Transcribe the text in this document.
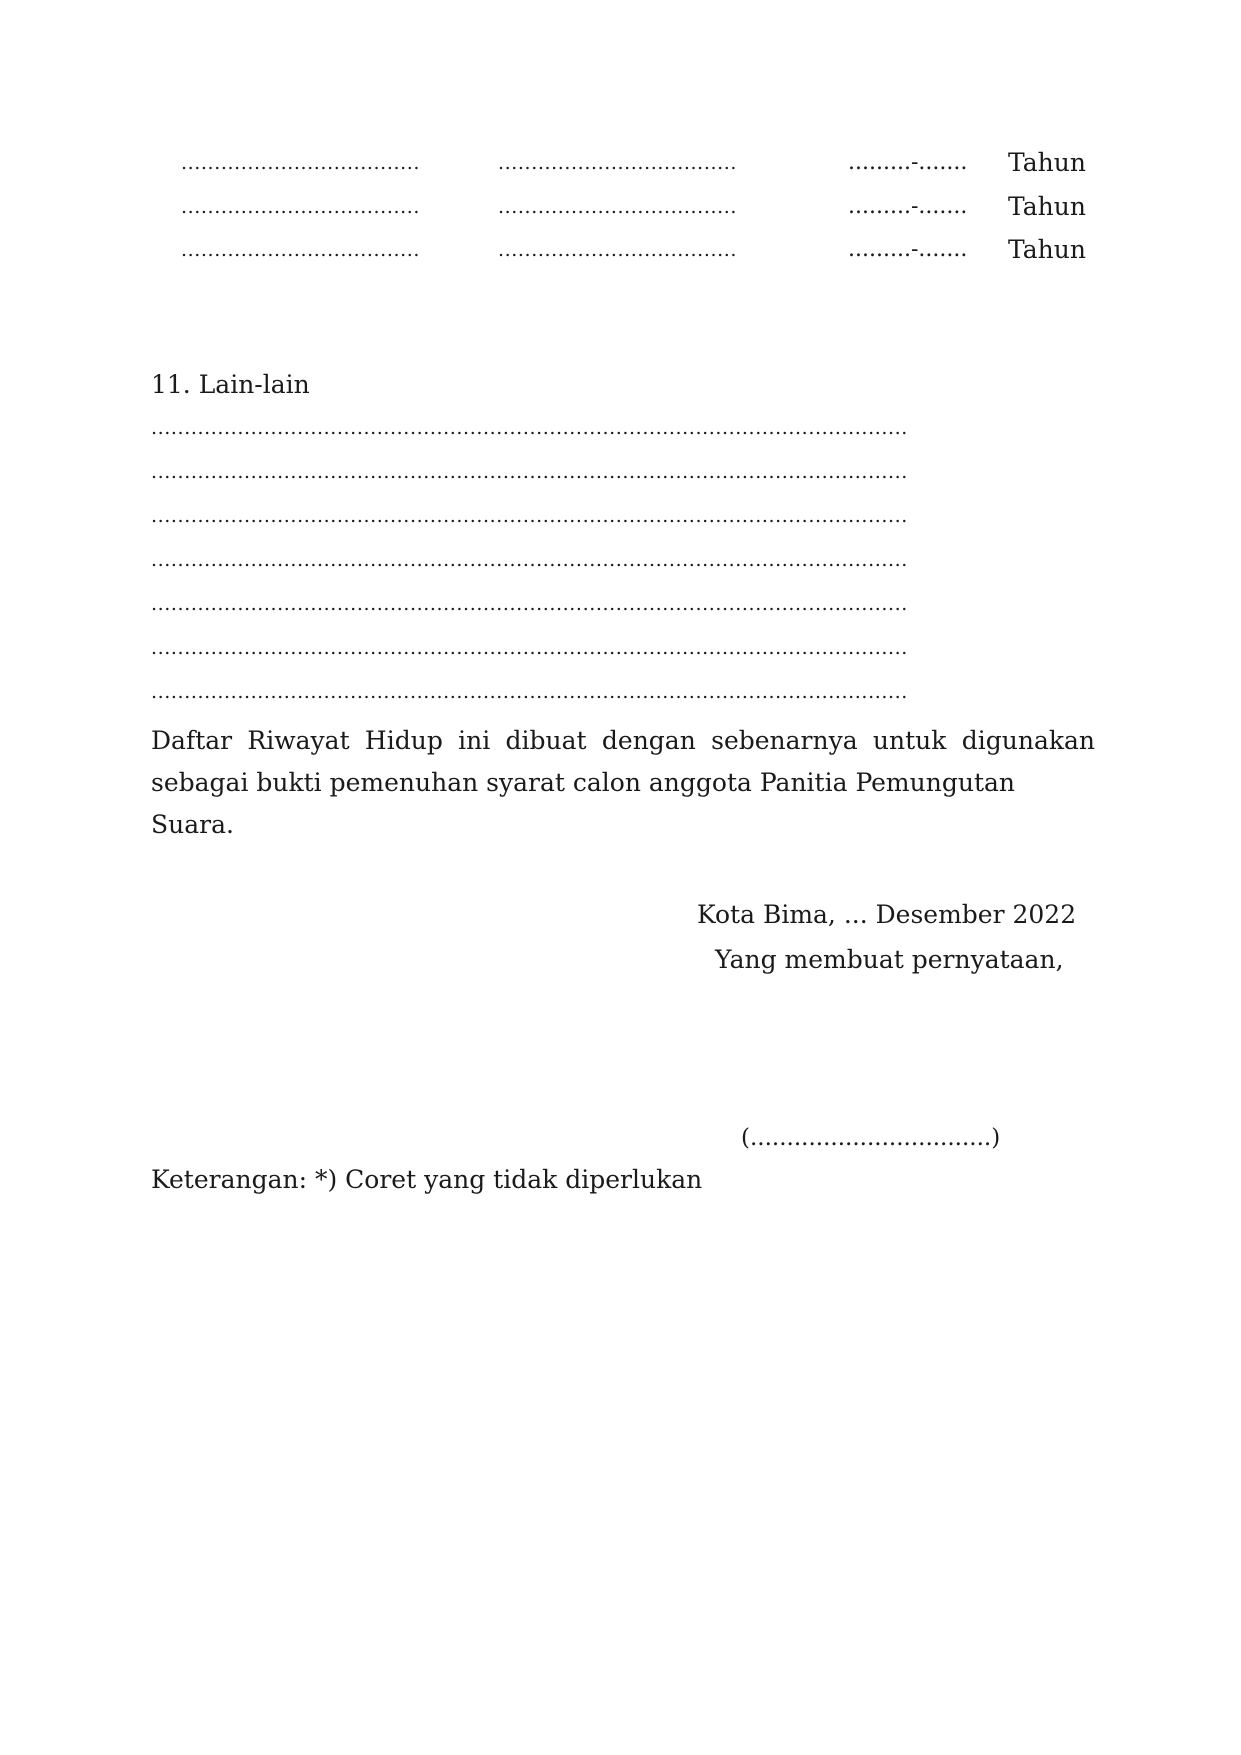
....................................	....................................	.........-.......	Tahun
....................................	....................................	.........-.......	Tahun
....................................	....................................	.........-.......	Tahun
11. Lain-lain
..................................................................................................................
..................................................................................................................
..................................................................................................................
..................................................................................................................
..................................................................................................................
..................................................................................................................
..................................................................................................................
Daftar Riwayat Hidup ini dibuat dengan sebenarnya untuk digunakan
sebagai bukti pemenuhan syarat calon anggota Panitia Pemungutan Suara.
Kota Bima, ... Desember 2022
Yang membuat pernyataan,
(.................................)
Keterangan: *) Coret yang tidak diperlukan
